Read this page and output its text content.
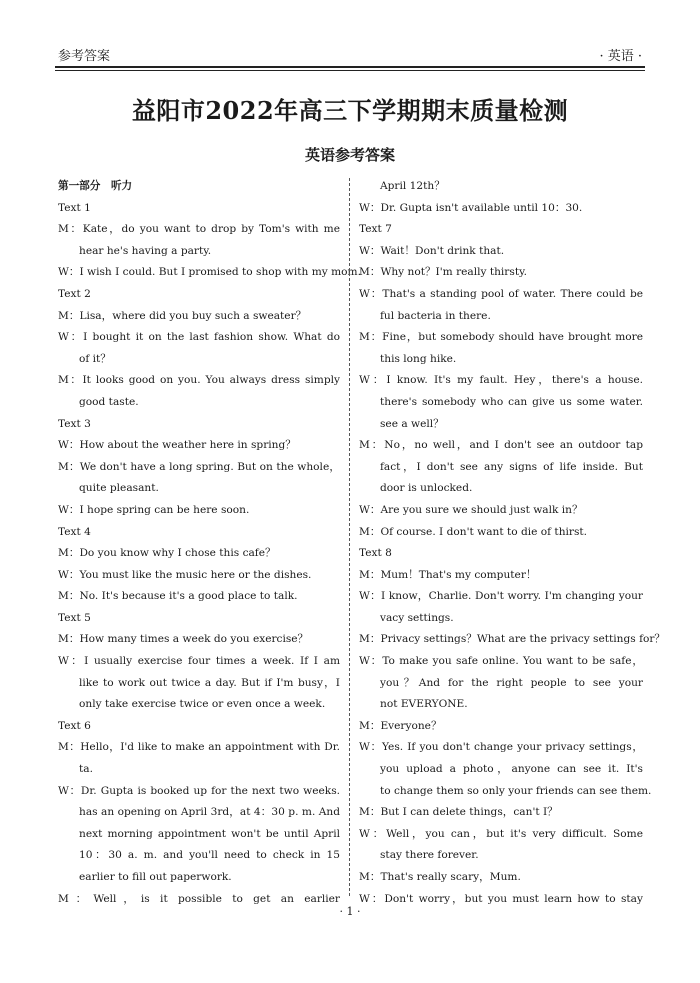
参考答案	· 英语 ·
益阳市2022年高三下学期期末质量检测
英语参考答案
第一部分　听力
Text 1
M：Kate，do you want to drop by Tom's with me
hear he's having a party.
W：I wish I could. But I promised to shop with my mom.
Text 2
M：Lisa，where did you buy such a sweater？
W：I bought it on the last fashion show. What do
of it？
M：It looks good on you. You always dress simply
good taste.
Text 3
W：How about the weather here in spring？
M：We don't have a long spring. But on the whole，
quite pleasant.
W：I hope spring can be here soon.
Text 4
M：Do you know why I chose this cafe？
W：You must like the music here or the dishes.
M：No. It's because it's a good place to talk.
Text 5
M：How many times a week do you exercise？
W：I usually exercise four times a week. If I am
like to work out twice a day. But if I'm busy，I
only take exercise twice or even once a week.
Text 6
M：Hello，I'd like to make an appointment with Dr.
ta.
W：Dr. Gupta is booked up for the next two weeks.
has an opening on April 3rd，at 4：30 p. m. And
next morning appointment won't be until April
10：30 a. m. and you'll need to check in 15
earlier to fill out paperwork.
M：Well，is it possible to get an earlier
April 12th？
W：Dr. Gupta isn't available until 10：30.
Text 7
W：Wait！Don't drink that.
M：Why not？I'm really thirsty.
W：That's a standing pool of water. There could be
ful bacteria in there.
M：Fine，but somebody should have brought more
this long hike.
W：I know. It's my fault. Hey，there's a house.
there's somebody who can give us some water.
see a well？
M：No，no well，and I don't see an outdoor tap
fact，I don't see any signs of life inside. But
door is unlocked.
W：Are you sure we should just walk in？
M：Of course. I don't want to die of thirst.
Text 8
M：Mum！That's my computer！
W：I know，Charlie. Don't worry. I'm changing your
vacy settings.
M：Privacy settings？What are the privacy settings for？
W：To make you safe online. You want to be safe，
you？And for the right people to see your
not EVERYONE.
M：Everyone？
W：Yes. If you don't change your privacy settings，
you upload a photo，anyone can see it. It's
to change them so only your friends can see them.
M：But I can delete things，can't I？
W：Well，you can，but it's very difficult. Some
stay there forever.
M：That's really scary，Mum.
W：Don't worry，but you must learn how to stay
· 1 ·
